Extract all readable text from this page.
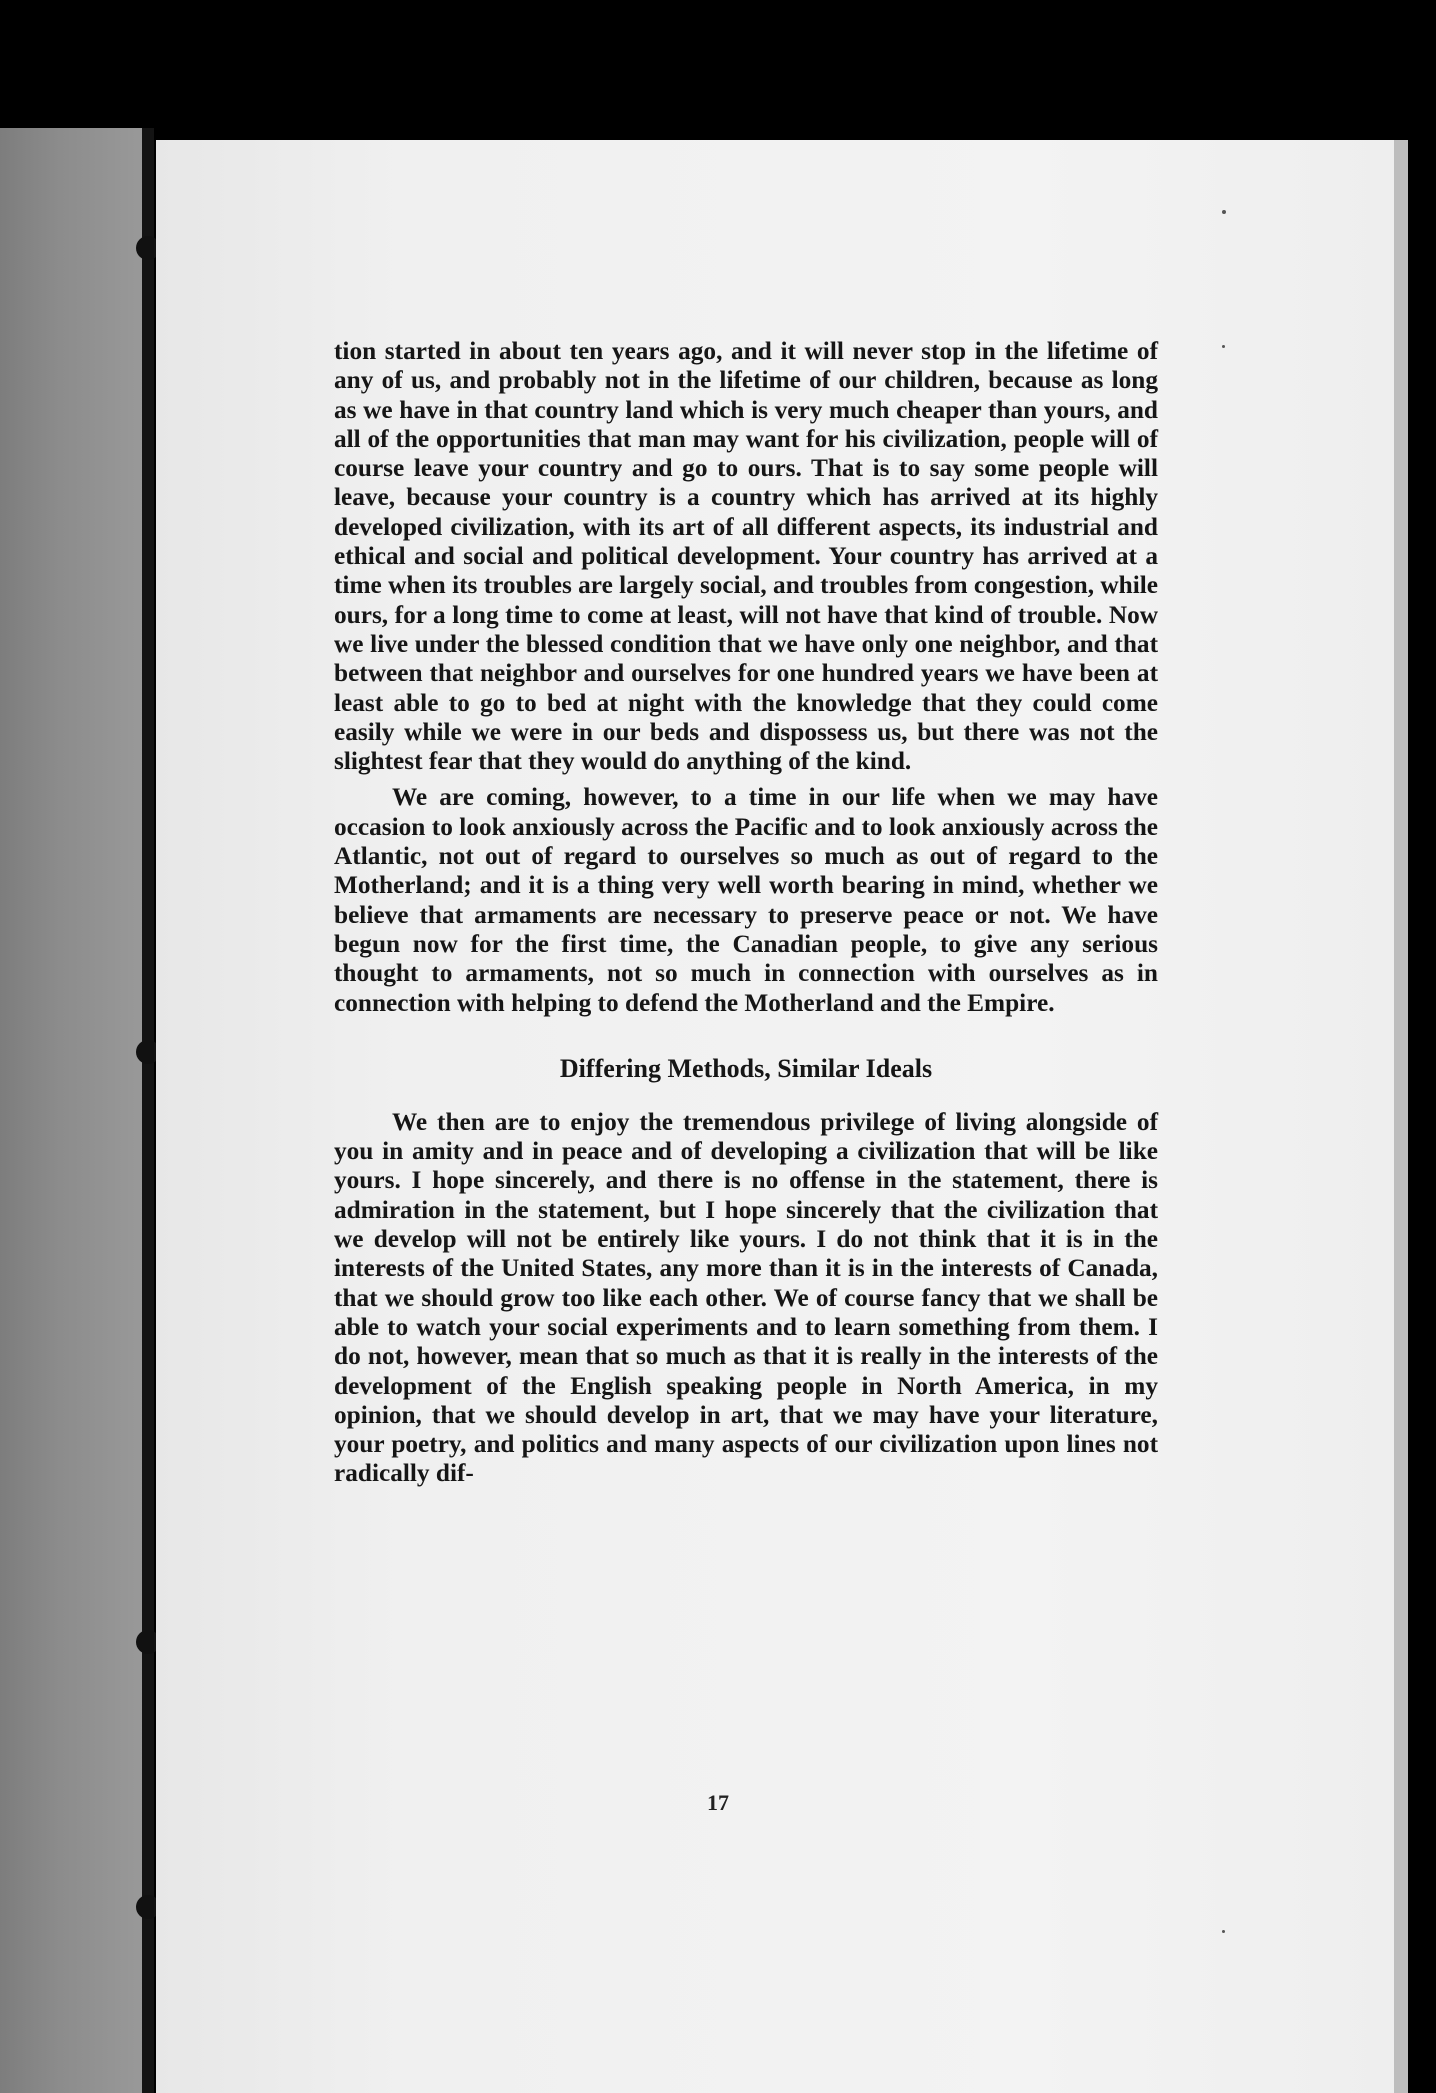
tion started in about ten years ago, and it will never stop in the lifetime of any of us, and probably not in the lifetime of our children, because as long as we have in that country land which is very much cheaper than yours, and all of the opportunities that man may want for his civilization, people will of course leave your country and go to ours. That is to say some people will leave, because your country is a country which has arrived at its highly developed civilization, with its art of all different aspects, its industrial and ethical and social and political development. Your country has arrived at a time when its troubles are largely social, and troubles from congestion, while ours, for a long time to come at least, will not have that kind of trouble. Now we live under the blessed condition that we have only one neighbor, and that between that neighbor and ourselves for one hundred years we have been at least able to go to bed at night with the knowledge that they could come easily while we were in our beds and dispossess us, but there was not the slightest fear that they would do anything of the kind.

We are coming, however, to a time in our life when we may have occasion to look anxiously across the Pacific and to look anxiously across the Atlantic, not out of regard to ourselves so much as out of regard to the Motherland; and it is a thing very well worth bearing in mind, whether we believe that armaments are necessary to preserve peace or not. We have begun now for the first time, the Canadian people, to give any serious thought to armaments, not so much in connection with ourselves as in connection with helping to defend the Motherland and the Empire.

Differing Methods, Similar Ideals

We then are to enjoy the tremendous privilege of living alongside of you in amity and in peace and of developing a civilization that will be like yours. I hope sincerely, and there is no offense in the statement, there is admiration in the statement, but I hope sincerely that the civilization that we develop will not be entirely like yours. I do not think that it is in the interests of the United States, any more than it is in the interests of Canada, that we should grow too like each other. We of course fancy that we shall be able to watch your social experiments and to learn something from them. I do not, however, mean that so much as that it is really in the interests of the development of the English speaking people in North America, in my opinion, that we should develop in art, that we may have your literature, your poetry, and politics and many aspects of our civilization upon lines not radically dif-

17
